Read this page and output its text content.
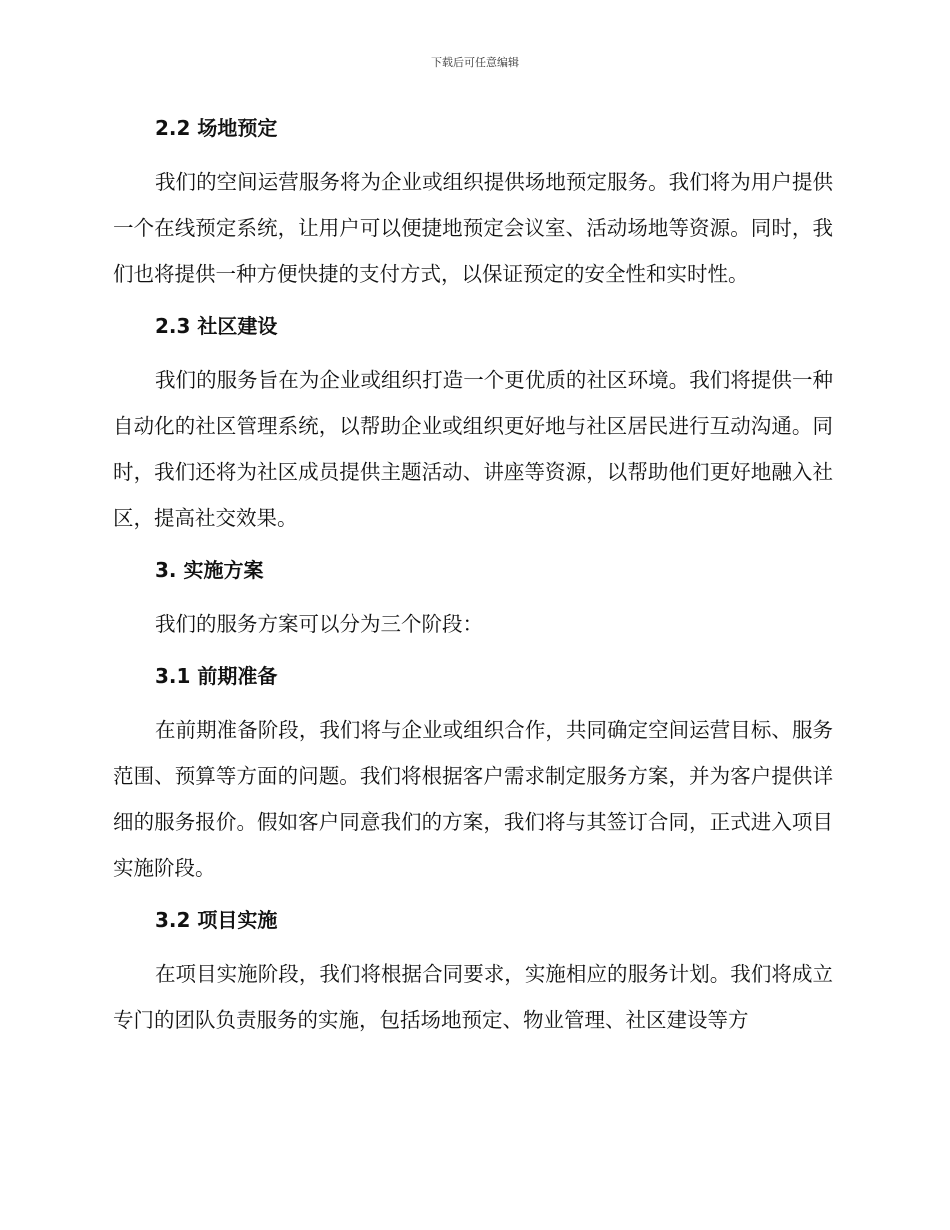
下载后可任意编辑
2.2 场地预定

我们的空间运营服务将为企业或组织提供场地预定服务。我们将为用户提供一个在线预定系统，让用户可以便捷地预定会议室、活动场地等资源。同时，我们也将提供一种方便快捷的支付方式，以保证预定的安全性和实时性。

2.3 社区建设

我们的服务旨在为企业或组织打造一个更优质的社区环境。我们将提供一种自动化的社区管理系统，以帮助企业或组织更好地与社区居民进行互动沟通。同时，我们还将为社区成员提供主题活动、讲座等资源，以帮助他们更好地融入社区，提高社交效果。

3. 实施方案

我们的服务方案可以分为三个阶段：

3.1 前期准备

在前期准备阶段，我们将与企业或组织合作，共同确定空间运营目标、服务范围、预算等方面的问题。我们将根据客户需求制定服务方案，并为客户提供详细的服务报价。假如客户同意我们的方案，我们将与其签订合同，正式进入项目实施阶段。

3.2 项目实施

在项目实施阶段，我们将根据合同要求，实施相应的服务计划。我们将成立专门的团队负责服务的实施，包括场地预定、物业管理、社区建设等方
